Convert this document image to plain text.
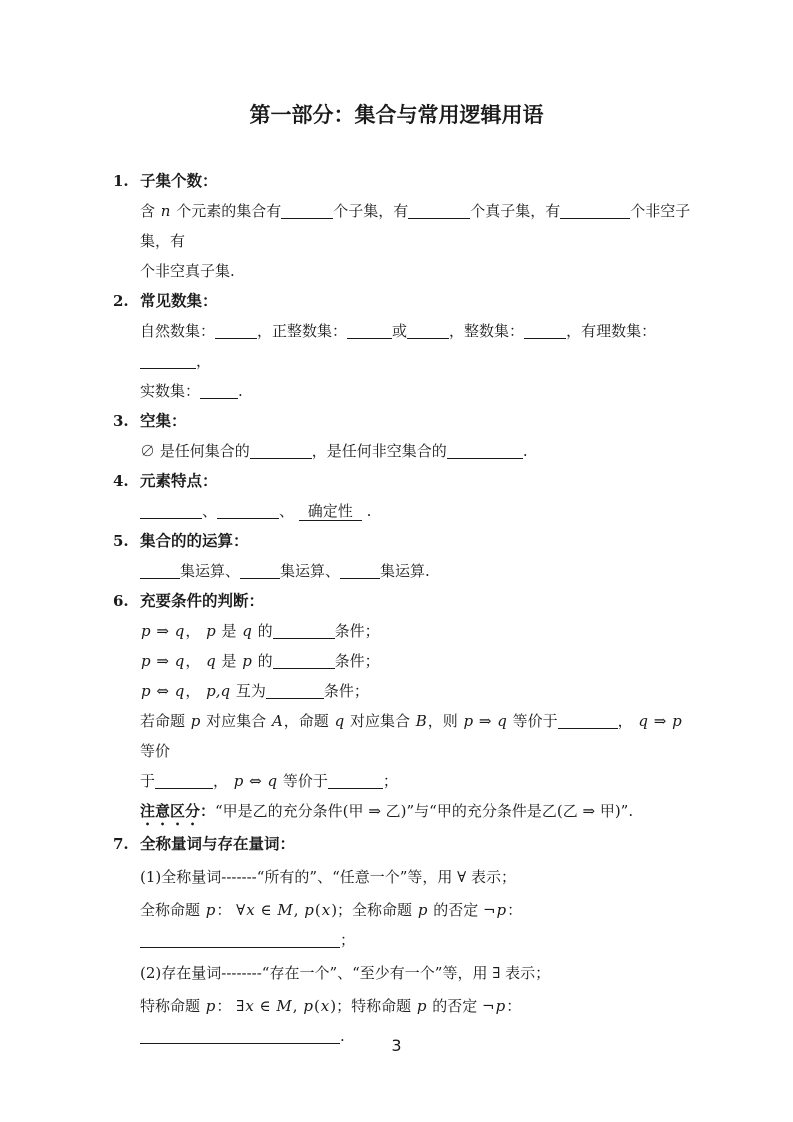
第一部分：集合与常用逻辑用语
1. 子集个数：
含 n 个元素的集合有	个子集，有	个真子集，有	个非空子集，有
个非空真子集.
2. 常见数集：
自然数集：	，正整数集：	或	，整数集：	，有理数集：，
实数集：	.
3. 空集：
∅ 是任何集合的	，是任何非空集合的	.
4. 元素特点：
、	、 确定性 .
5. 集合的的运算：
集运算、	集运算、	集运算.
6. 充要条件的判断：
p ⇒ q， p 是 q 的	条件；
p ⇒ q， q 是 p 的	条件；
p ⇔ q， p,q 互为	条件；
若命题 p 对应集合 A，命题 q 对应集合 B，则 p ⇒ q 等价于	， q ⇒ p 等价
于	， p ⇔ q 等价于	；
注意区分：“甲是乙的充分条件(甲 ⇒ 乙)”与“甲的充分条件是乙(乙 ⇒ 甲)”.
7. 全称量词与存在量词：
(1)全称量词-------“所有的”、“任意一个”等，用 ∀ 表示；
全称命题 p： ∀x ∈ M, p(x)；全称命题 p 的否定 ¬p： ；
(2)存在量词--------“存在一个”、“至少有一个”等，用 ∃ 表示；
特称命题 p： ∃x ∈ M, p(x)；特称命题 p 的否定 ¬p： .	3
